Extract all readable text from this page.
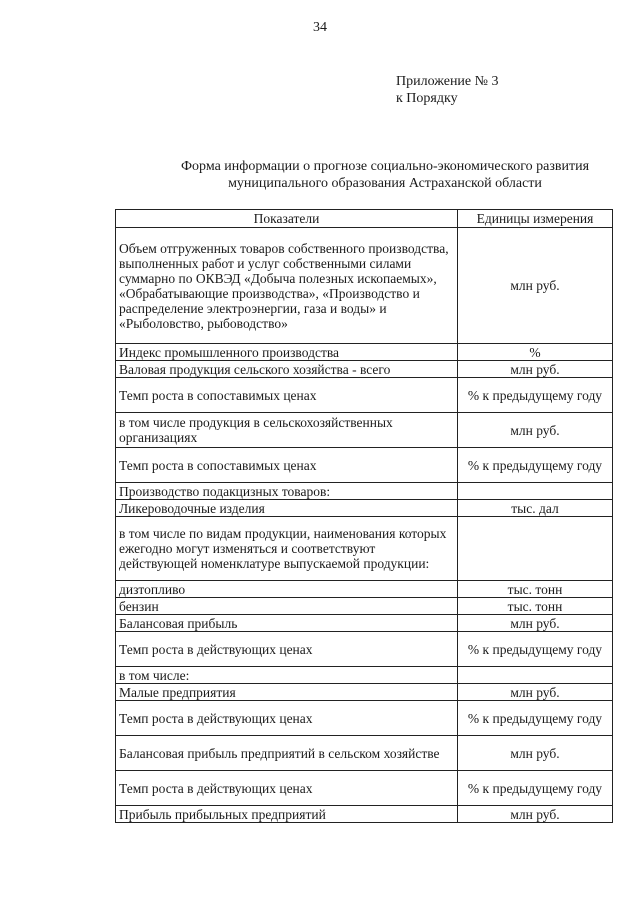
34
Приложение № 3
к Порядку
Форма информации о прогнозе социально-экономического развития
муниципального образования Астраханской области
Показатели	Единицы измерения
Объем отгруженных товаров собственного производства, выполненных работ и услуг собственными силами суммарно по ОКВЭД «Добыча полезных ископаемых», «Обрабатывающие производства», «Производство и распределение электроэнергии, газа и воды» и «Рыболовство, рыбоводство»	млн руб.
Индекс промышленного производства	%
Валовая продукция сельского хозяйства - всего	млн руб.
Темп роста в сопоставимых ценах	% к предыдущему году
в том числе продукция в сельскохозяйственных организациях	млн руб.
Темп роста в сопоставимых ценах	% к предыдущему году
Производство подакцизных товаров:	
Ликероводочные изделия	тыс. дал
в том числе по видам продукции, наименования которых ежегодно могут изменяться и соответствуют действующей номенклатуре выпускаемой продукции:	
дизтопливо	тыс. тонн
бензин	тыс. тонн
Балансовая прибыль	млн руб.
Темп роста в действующих ценах	% к предыдущему году
в том числе:	
Малые предприятия	млн руб.
Темп роста в действующих ценах	% к предыдущему году
Балансовая прибыль предприятий в сельском хозяйстве	млн руб.
Темп роста в действующих ценах	% к предыдущему году
Прибыль прибыльных предприятий	млн руб.
